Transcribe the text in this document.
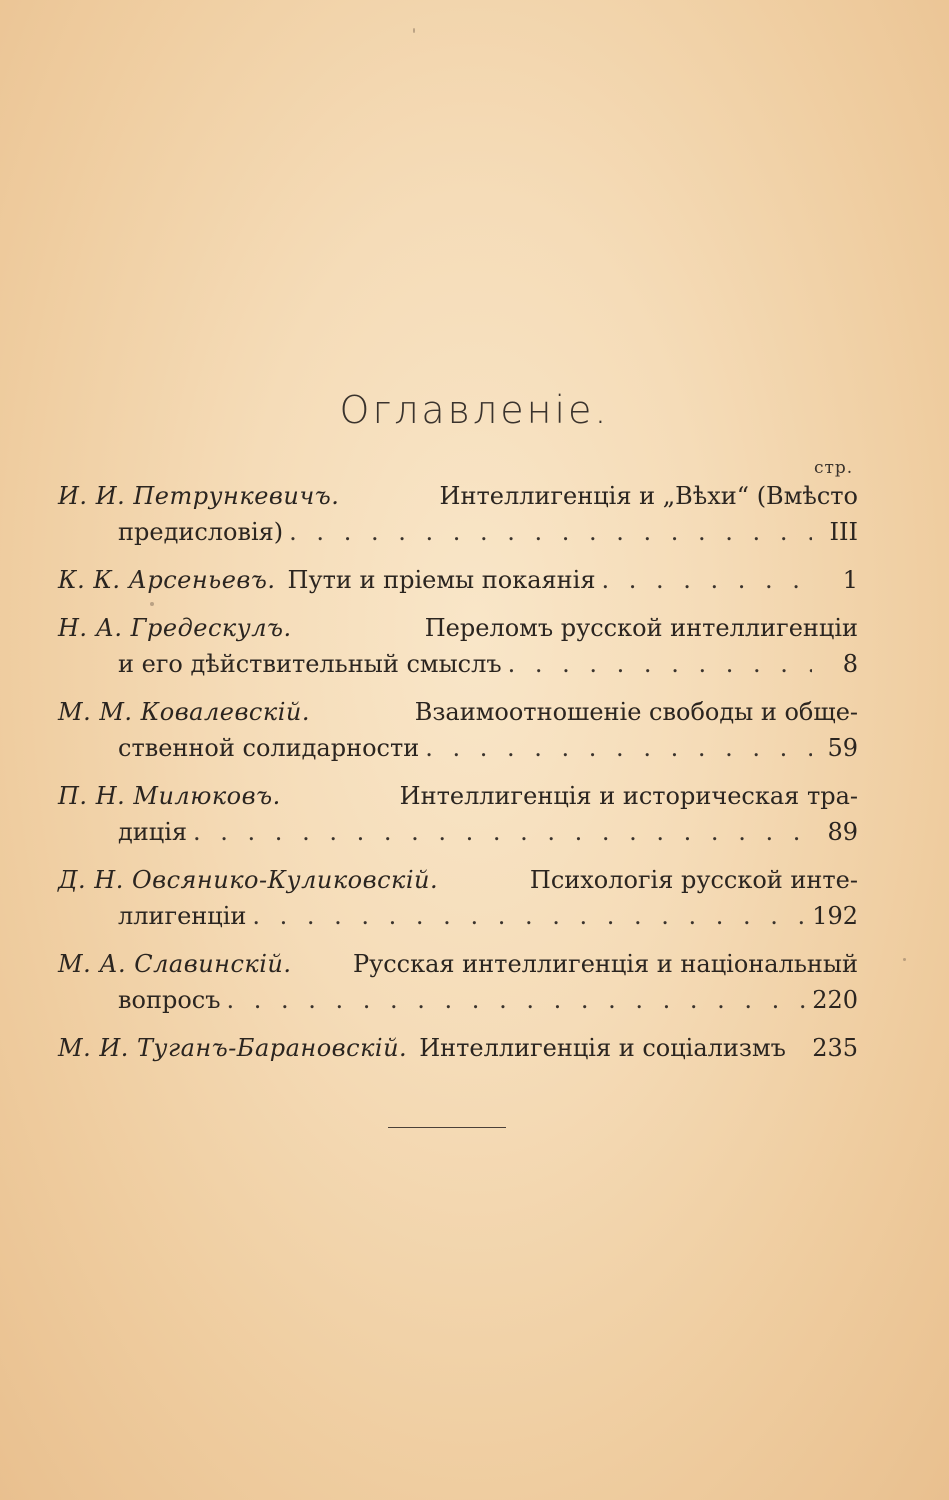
Оглавленіе.
стр.
И. И. Петрункевичъ.	Интеллигенція и „Вѣхи“ (Вмѣсто
предисловія) . . .	III
К. К. Арсеньевъ. Пути и пріемы покаянія . . .	1
Н. А. Гредескулъ.	Переломъ русской интеллигенціи
и его дѣйствительный смыслъ . . .	8
М. М. Ковалевскій.	Взаимоотношеніе свободы и обще-
ственной солидарности . . .	59
П. Н. Милюковъ.	Интеллигенція и историческая тра-
диція . . .	89
Д. Н. Овсянико-Куликовскій.	Психологія русской инте-
ллигенціи . . .	192
М. А. Славинскій.	Русская интеллигенція и національный
вопросъ . . .	220
М. И. Туганъ-Барановскій. Интеллигенція и соціализмъ 235
